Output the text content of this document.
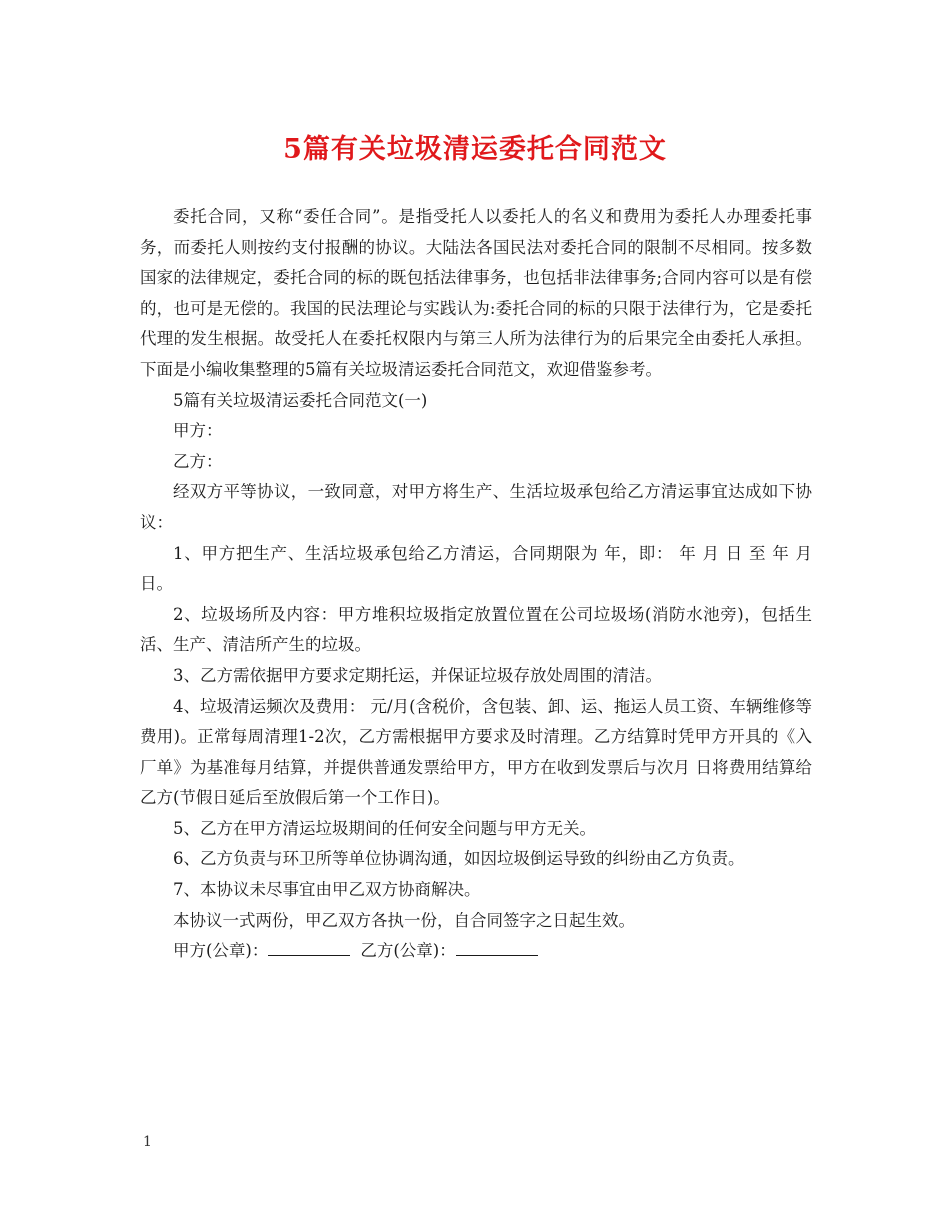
5篇有关垃圾清运委托合同范文

委托合同，又称“委任合同”。是指受托人以委托人的名义和费用为委托人办理委托事务，而委托人则按约支付报酬的协议。大陆法各国民法对委托合同的限制不尽相同。按多数国家的法律规定，委托合同的标的既包括法律事务，也包括非法律事务;合同内容可以是有偿的，也可是无偿的。我国的民法理论与实践认为:委托合同的标的只限于法律行为，它是委托代理的发生根据。故受托人在委托权限内与第三人所为法律行为的后果完全由委托人承担。下面是小编收集整理的5篇有关垃圾清运委托合同范文，欢迎借鉴参考。

5篇有关垃圾清运委托合同范文(一)

甲方：

乙方：

经双方平等协议，一致同意，对甲方将生产、生活垃圾承包给乙方清运事宜达成如下协议：

1、甲方把生产、生活垃圾承包给乙方清运，合同期限为 年，即： 年 月 日 至 年 月 日。

2、垃圾场所及内容：甲方堆积垃圾指定放置位置在公司垃圾场(消防水池旁)，包括生活、生产、清洁所产生的垃圾。

3、乙方需依据甲方要求定期托运，并保证垃圾存放处周围的清洁。

4、垃圾清运频次及费用： 元/月(含税价，含包装、卸、运、拖运人员工资、车辆维修等费用)。正常每周清理1-2次，乙方需根据甲方要求及时清理。乙方结算时凭甲方开具的《入厂单》为基准每月结算，并提供普通发票给甲方，甲方在收到发票后与次月 日将费用结算给乙方(节假日延后至放假后第一个工作日)。

5、乙方在甲方清运垃圾期间的任何安全问题与甲方无关。

6、乙方负责与环卫所等单位协调沟通，如因垃圾倒运导致的纠纷由乙方负责。

7、本协议未尽事宜由甲乙双方协商解决。

本协议一式两份，甲乙双方各执一份，自合同签字之日起生效。

甲方(公章)：	乙方(公章)：

1
